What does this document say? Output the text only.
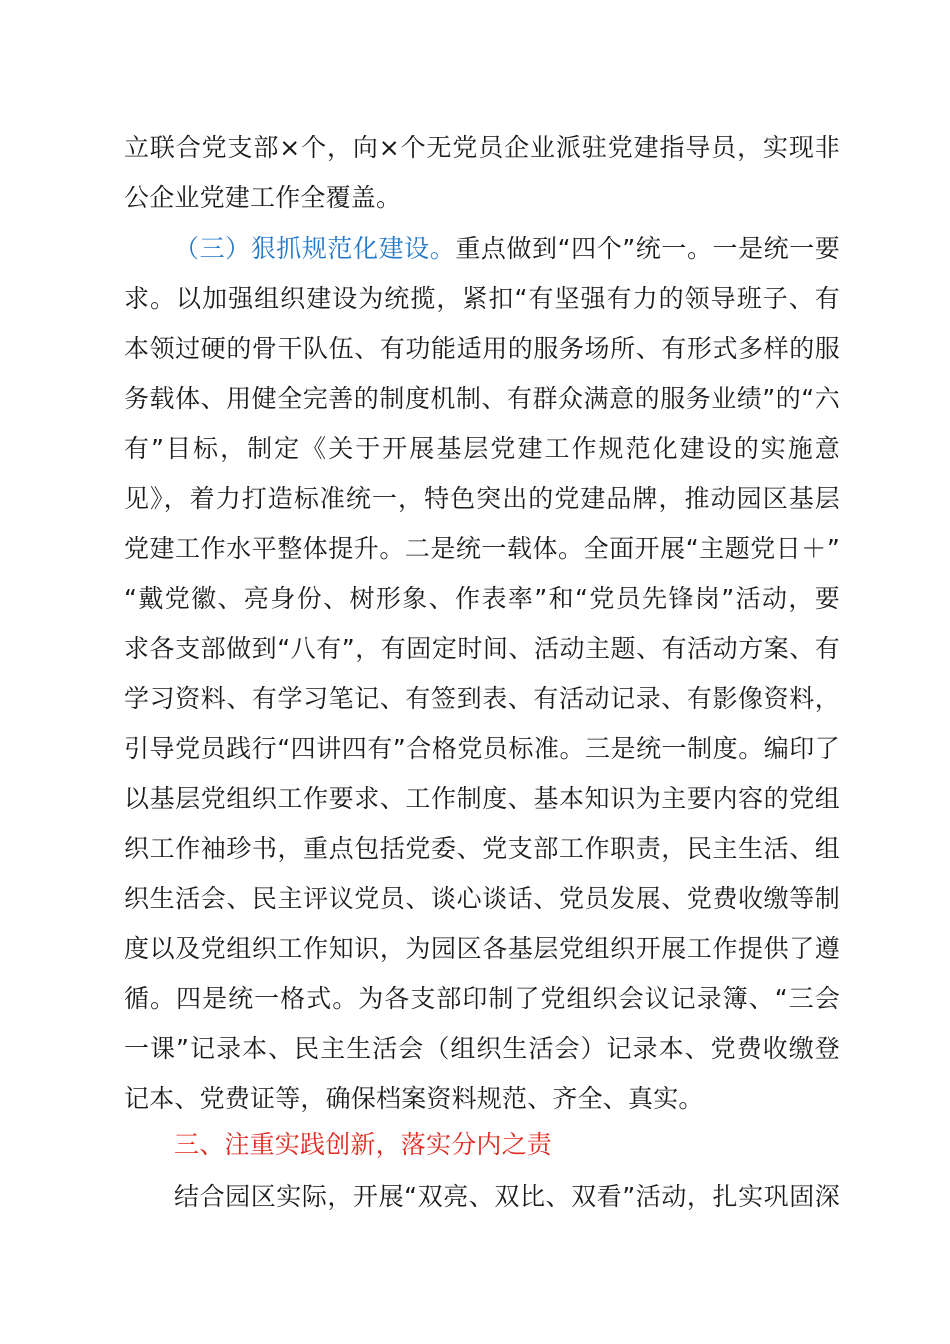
立联合党支部×个，向×个无党员企业派驻党建指导员，实现非
公企业党建工作全覆盖。
（三）狠抓规范化建设。重点做到“四个”统一。一是统一要
求。以加强组织建设为统揽，紧扣“有坚强有力的领导班子、有
本领过硬的骨干队伍、有功能适用的服务场所、有形式多样的服
务载体、用健全完善的制度机制、有群众满意的服务业绩”的“六
有”目标，制定《关于开展基层党建工作规范化建设的实施意
见》，着力打造标准统一，特色突出的党建品牌，推动园区基层
党建工作水平整体提升。二是统一载体。全面开展“主题党日＋”
“戴党徽、亮身份、树形象、作表率”和“党员先锋岗”活动，要
求各支部做到“八有”，有固定时间、活动主题、有活动方案、有
学习资料、有学习笔记、有签到表、有活动记录、有影像资料，
引导党员践行“四讲四有”合格党员标准。三是统一制度。编印了
以基层党组织工作要求、工作制度、基本知识为主要内容的党组
织工作袖珍书，重点包括党委、党支部工作职责，民主生活、组
织生活会、民主评议党员、谈心谈话、党员发展、党费收缴等制
度以及党组织工作知识，为园区各基层党组织开展工作提供了遵
循。四是统一格式。为各支部印制了党组织会议记录簿、“三会
一课”记录本、民主生活会（组织生活会）记录本、党费收缴登
记本、党费证等，确保档案资料规范、齐全、真实。
三、注重实践创新，落实分内之责
结合园区实际，开展“双亮、双比、双看”活动，扎实巩固深
